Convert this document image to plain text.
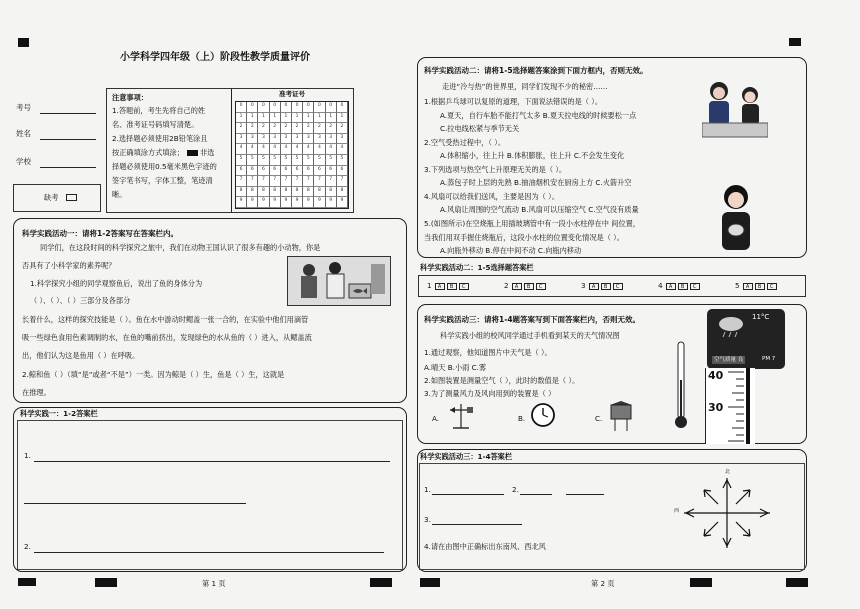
小学科学四年级（上）阶段性教学质量评价
考号
姓名
学校
缺考
注意事项：
1.答题前，考生先将自己的姓
名、准考证号码填写清楚。
2.选择题必须使用2B铅笔涂且
按正确填涂方式填涂； 非选
择题必须使用0.5毫米黑色字迹的
签字笔书写，字体工整，笔迹清
晰。
准考证号
0	0	0	0	0	0	0	0	0	0
1	1	1	1	1	1	1	1	1	1
2	2	2	2	2	2	2	2	2	2
3	3	3	3	3	3	3	3	3	3
4	4	4	4	4	4	4	4	4	4
5	5	5	5	5	5	5	5	5	5
6	6	6	6	6	6	6	6	6	6
7	7	7	7	7	7	7	7	7	7
8	8	8	8	8	8	8	8	8	8
9	9	9	9	9	9	9	9	9	9
科学实践活动一：请将1-2答案写在答案栏内。
同学们，在这段时间的科学探究之旅中，我们在动物王国认识了很多有趣的小动物，你是
否具有了小科学家的素养呢？
1.科学探究小组的同学观察鱼后，说出了鱼的身体分为
（ ）、（ ）、（ ）三部分及各部分
长着什么，这样的探究技能是（ ）。鱼在水中游动时鳃盖一张一合的，在实验中他们用滴管
吸一些绿色食用色素调制的水，在鱼的嘴前挤出，发现绿色的水从鱼的（ ）进入，从鳃盖流
出，他们认为这是鱼用（ ）在呼吸。
2.鲸和鱼（ ）（填“是”或者“不是”）一类。因为鲸是（ ）生，鱼是（ ）生，这就是
在推理。
科学实践一：1-2答案栏
1.
2.
第 1 页
科学实践活动二：请将1-5选择题答案涂到下面方框内，否则无效。
走进“冷与热”的世界里，同学们发现不少的秘密……
1.根据乒乓球可以复原的道理，下面说法错误的是（ ）。
A.夏天，自行车胎不能打气太多 B.夏天拉电线的时候要松一点
C.拉电线松紧与季节无关
2.空气受热过程中，（ ）。
A.体积缩小，往上升 B.体积膨胀，往上升 C.不会发生变化
3.下列选项与热空气上升原理无关的是（ ）。
A.蒸包子时上层的先熟 B.抽油烟机安在厨房上方 C.火箭升空
4.风扇可以给我们送风，主要是因为（ ）。
A.风扇让周围的空气流动 B.风扇可以压缩空气 C.空气没有质量
5.(如图所示)在空烧瓶上用插玻璃管中有一段小水柱停在中 间位置，
当我们用双手握住烧瓶后，这段小水柱的位置变化情况是（ ）。
A.向瓶外移动 B.停在中间不动 C.向瓶内移动
科学实践活动二：1-5选择题答案栏
1 A B C	2 A B C	3 A B C	4 A B C	5 A B C
科学实践活动三：请将1-4题答案写到下面答案栏内，否则无效。
科学实践小组的校风同学通过手机看到某天的天气情况图
1.通过观察，他知道图片中天气是（ ）。
A.晴天 B.小雨 C.雾
2.如图装置是测量空气（ ），此时的数值是（ ）。
3.为了测量风力及风向用到的装置是（ ）
A.	B.	C.
11°C
空气质量 良	PM 7
40
30
科学实践活动三：1-4答案栏
1.	2.
3.
4.请在由图中正确标出东南风、西北风
北
西
第 2 页
